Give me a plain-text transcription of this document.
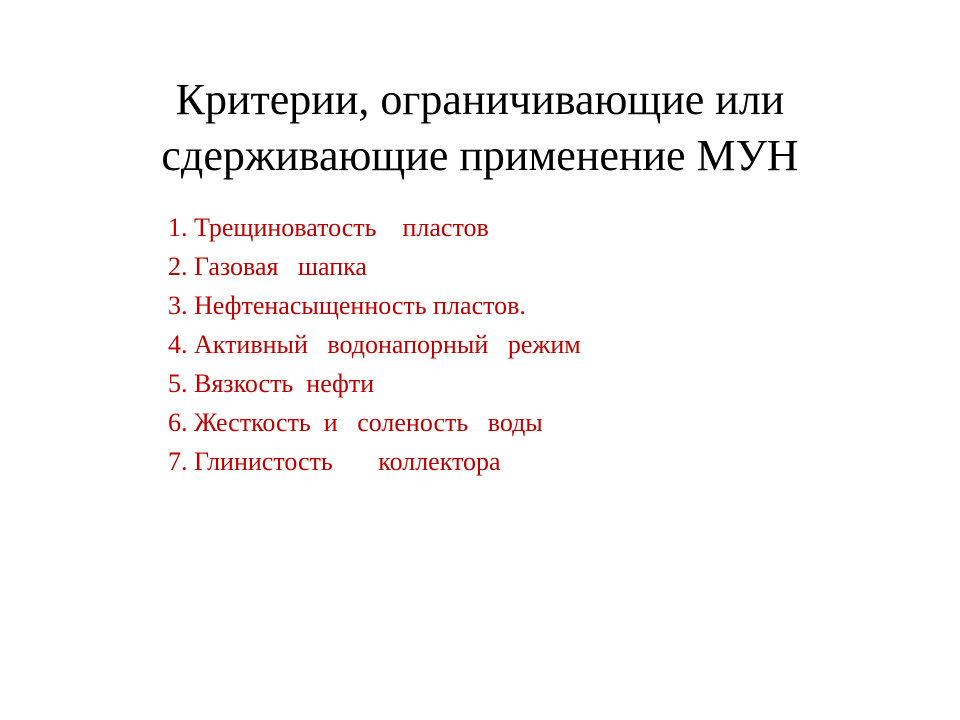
Критерии, ограничивающие или
сдерживающие применение МУН
1. Трещиноватость    пластов
2. Газовая   шапка
3. Нефтенасыщенность пластов.
4. Активный   водонапорный   режим
5. Вязкость  нефти
6. Жесткость  и   соленость   воды
7. Глинистость       коллектора
